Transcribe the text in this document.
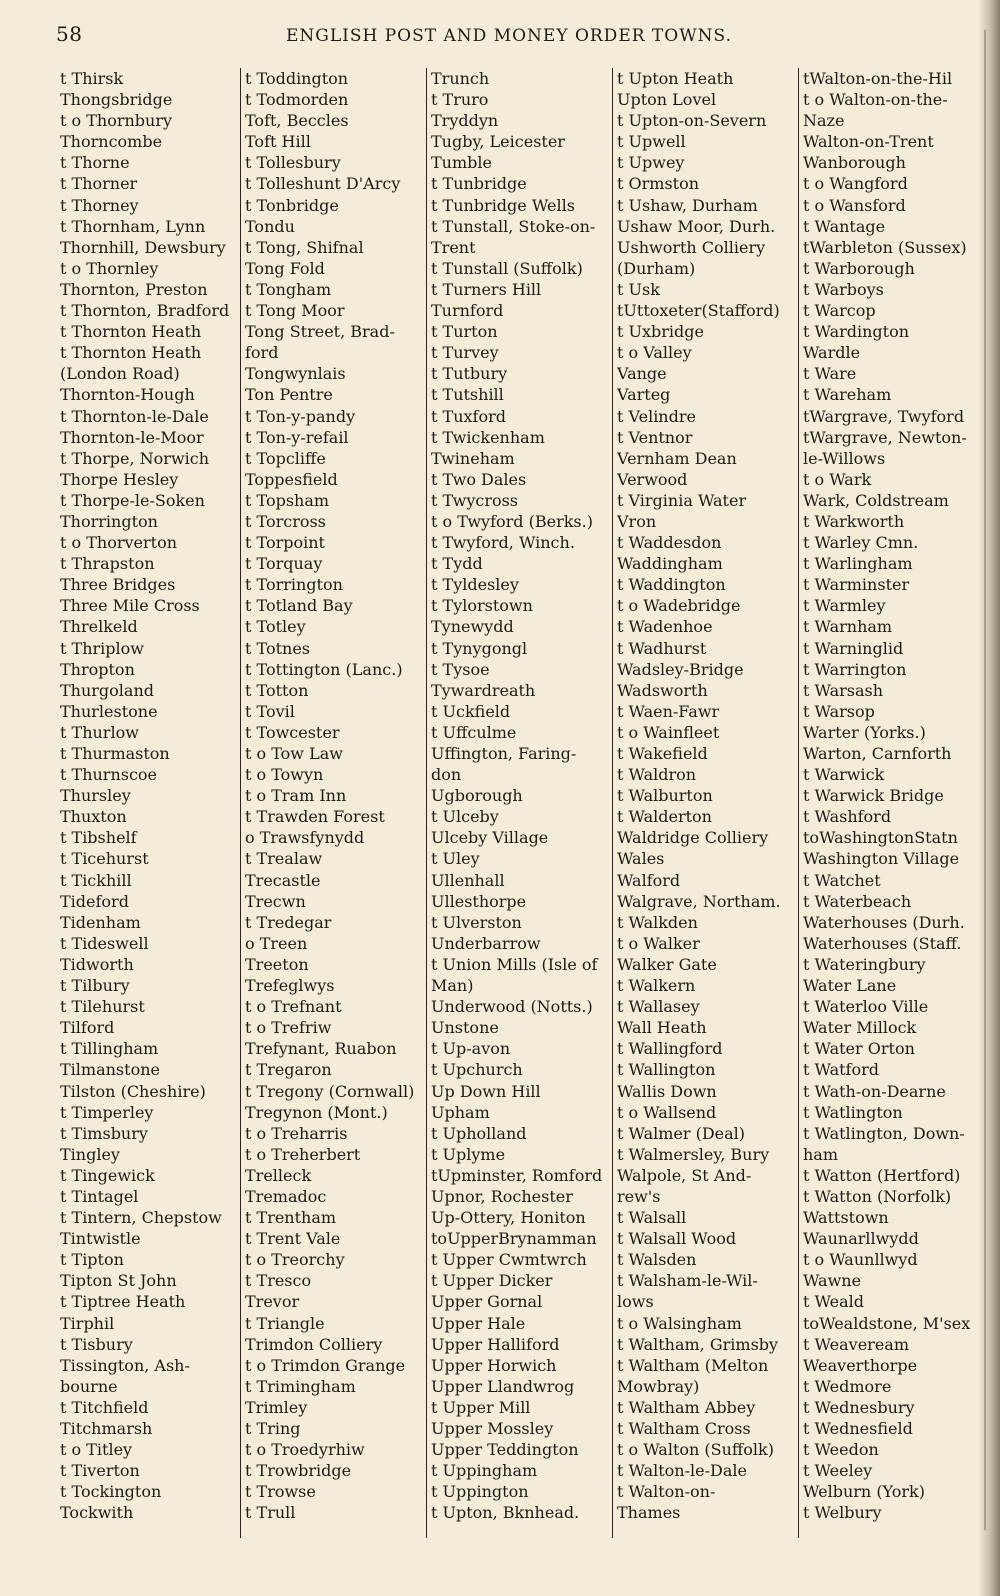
58	ENGLISH POST AND MONEY ORDER TOWNS.
t Thirsk
Thongsbridge
t o Thornbury
Thorncombe
t Thorne
t Thorner
t Thorney
t Thornham, Lynn
Thornhill, Dewsbury
t o Thornley
Thornton, Preston
t Thornton, Bradford
t Thornton Heath
t Thornton Heath
(London Road)
Thornton-Hough
t Thornton-le-Dale
Thornton-le-Moor
t Thorpe, Norwich
Thorpe Hesley
t Thorpe-le-Soken
Thorrington
t o Thorverton
t Thrapston
Three Bridges
Three Mile Cross
Threlkeld
t Thriplow
Thropton
Thurgoland
Thurlestone
t Thurlow
t Thurmaston
t Thurnscoe
Thursley
Thuxton
t Tibshelf
t Ticehurst
t Tickhill
Tideford
Tidenham
t Tideswell
Tidworth
t Tilbury
t Tilehurst
Tilford
t Tillingham
Tilmanstone
Tilston (Cheshire)
t Timperley
t Timsbury
Tingley
t Tingewick
t Tintagel
t Tintern, Chepstow
Tintwistle
t Tipton
Tipton St John
t Tiptree Heath
Tirphil
t Tisbury
Tissington, Ash-
bourne
t Titchfield
Titchmarsh
t o Titley
t Tiverton
t Tockington
Tockwith
t Toddington
t Todmorden
Toft, Beccles
Toft Hill
t Tollesbury
t Tolleshunt D'Arcy
t Tonbridge
Tondu
t Tong, Shifnal
Tong Fold
t Tongham
t Tong Moor
Tong Street, Brad-
ford
Tongwynlais
Ton Pentre
t Ton-y-pandy
t Ton-y-refail
t Topcliffe
Toppesfield
t Topsham
t Torcross
t Torpoint
t Torquay
t Torrington
t Totland Bay
t Totley
t Totnes
t Tottington (Lanc.)
t Totton
t Tovil
t Towcester
t o Tow Law
t o Towyn
t o Tram Inn
t Trawden Forest
o Trawsfynydd
t Trealaw
Trecastle
Trecwn
t Tredegar
o Treen
Treeton
Trefeglwys
t o Trefnant
t o Trefriw
Trefynant, Ruabon
t Tregaron
t Tregony (Cornwall)
Tregynon (Mont.)
t o Treharris
t o Treherbert
Trelleck
Tremadoc
t Trentham
t Trent Vale
t o Treorchy
t Tresco
Trevor
t Triangle
Trimdon Colliery
t o Trimdon Grange
t Trimingham
Trimley
t Tring
t o Troedyrhiw
t Trowbridge
t Trowse
t Trull
Trunch
t Truro
Tryddyn
Tugby, Leicester
Tumble
t Tunbridge
t Tunbridge Wells
t Tunstall, Stoke-on-
Trent
t Tunstall (Suffolk)
t Turners Hill
Turnford
t Turton
t Turvey
t Tutbury
t Tutshill
t Tuxford
t Twickenham
Twineham
t Two Dales
t Twycross
t o Twyford (Berks.)
t Twyford, Winch.
t Tydd
t Tyldesley
t Tylorstown
Tynewydd
t Tynygongl
t Tysoe
Tywardreath
t Uckfield
t Uffculme
Uffington, Faring-
don
Ugborough
t Ulceby
Ulceby Village
t Uley
Ullenhall
Ullesthorpe
t Ulverston
Underbarrow
t Union Mills (Isle of
Man)
Underwood (Notts.)
Unstone
t Up-avon
t Upchurch
Up Down Hill
Upham
t Upholland
t Uplyme
tUpminster, Romford
Upnor, Rochester
Up-Ottery, Honiton
toUpperBrynamman
t Upper Cwmtwrch
t Upper Dicker
Upper Gornal
Upper Hale
Upper Halliford
Upper Horwich
Upper Llandwrog
t Upper Mill
Upper Mossley
Upper Teddington
t Uppingham
t Uppington
t Upton, Bknhead.
t Upton Heath
Upton Lovel
t Upton-on-Severn
t Upwell
t Upwey
t Ormston
t Ushaw, Durham
Ushaw Moor, Durh.
Ushworth Colliery
(Durham)
t Usk
tUttoxeter(Stafford)
t Uxbridge
t o Valley
Vange
Varteg
t Velindre
t Ventnor
Vernham Dean
Verwood
t Virginia Water
Vron
t Waddesdon
Waddingham
t Waddington
t o Wadebridge
t Wadenhoe
t Wadhurst
Wadsley-Bridge
Wadsworth
t Waen-Fawr
t o Wainfleet
t Wakefield
t Waldron
t Walburton
t Walderton
Waldridge Colliery
Wales
Walford
Walgrave, Northam.
t Walkden
t o Walker
Walker Gate
t Walkern
t Wallasey
Wall Heath
t Wallingford
t Wallington
Wallis Down
t o Wallsend
t Walmer (Deal)
t Walmersley, Bury
Walpole, St And-
rew's
t Walsall
t Walsall Wood
t Walsden
t Walsham-le-Wil-
lows
t o Walsingham
t Waltham, Grimsby
t Waltham (Melton
Mowbray)
t Waltham Abbey
t Waltham Cross
t o Walton (Suffolk)
t Walton-le-Dale
t Walton-on-
Thames
tWalton-on-the-Hil
t o Walton-on-the-
Naze
Walton-on-Trent
Wanborough
t o Wangford
t o Wansford
t Wantage
tWarbleton (Sussex)
t Warborough
t Warboys
t Warcop
t Wardington
Wardle
t Ware
t Wareham
tWargrave, Twyford
tWargrave, Newton-
le-Willows
t o Wark
Wark, Coldstream
t Warkworth
t Warley Cmn.
t Warlingham
t Warminster
t Warmley
t Warnham
t Warninglid
t Warrington
t Warsash
t Warsop
Warter (Yorks.)
Warton, Carnforth
t Warwick
t Warwick Bridge
t Washford
toWashingtonStatn
Washington Village
t Watchet
t Waterbeach
Waterhouses (Durh.
Waterhouses (Staff.
t Wateringbury
Water Lane
t Waterloo Ville
Water Millock
t Water Orton
t Watford
t Wath-on-Dearne
t Watlington
t Watlington, Down-
ham
t Watton (Hertford)
t Watton (Norfolk)
Wattstown
Waunarllwydd
t o Waunllwyd
Wawne
t Weald
toWealdstone, M'sex
t Weaveream
Weaverthorpe
t Wedmore
t Wednesbury
t Wednesfield
t Weedon
t Weeley
Welburn (York)
t Welbury
